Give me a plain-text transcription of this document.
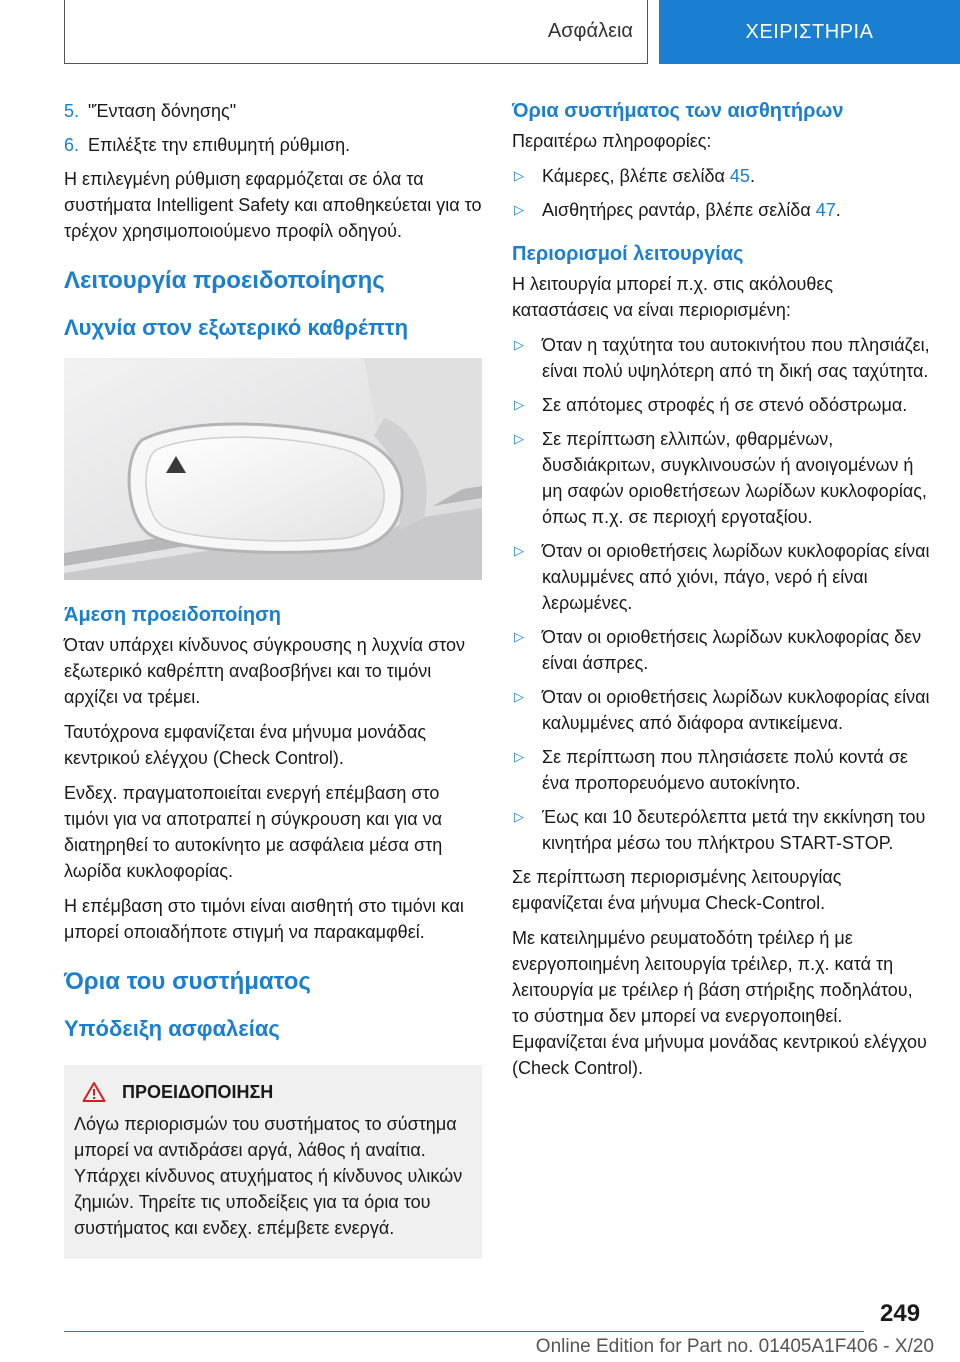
Ασφάλεια	ΧΕΙΡΙΣΤΗΡΙΑ
5. "Ένταση δόνησης"
6. Επιλέξτε την επιθυμητή ρύθμιση.

Η επιλεγμένη ρύθμιση εφαρμόζεται σε όλα τα συστήματα Intelligent Safety και αποθηκεύεται για το τρέχον χρησιμοποιούμενο προφίλ οδηγού.

Λειτουργία προειδοποίησης
Λυχνία στον εξωτερικό καθρέπτη
Άμεση προειδοποίηση

Όταν υπάρχει κίνδυνος σύγκρουσης η λυχνία στον εξωτερικό καθρέπτη αναβοσβήνει και το τιμόνι αρχίζει να τρέμει.

Ταυτόχρονα εμφανίζεται ένα μήνυμα μονάδας κεντρικού ελέγχου (Check Control).

Ενδεχ. πραγματοποιείται ενεργή επέμβαση στο τιμόνι για να αποτραπεί η σύγκρουση και για να διατηρηθεί το αυτοκίνητο με ασφάλεια μέσα στη λωρίδα κυκλοφορίας.

Η επέμβαση στο τιμόνι είναι αισθητή στο τιμόνι και μπορεί οποιαδήποτε στιγμή να παρακαμφθεί.

Όρια του συστήματος
Υπόδειξη ασφαλείας
ΠΡΟΕΙΔΟΠΟΙΗΣΗ

Λόγω περιορισμών του συστήματος το σύστημα μπορεί να αντιδράσει αργά, λάθος ή αναίτια. Υπάρχει κίνδυνος ατυχήματος ή κίνδυνος υλικών ζημιών. Τηρείτε τις υποδείξεις για τα όρια του συστήματος και ενδεχ. επέμβετε ενεργά.

Όρια συστήματος των αισθητήρων

Περαιτέρω πληροφορίες:

▷	Κάμερες, βλέπε σελίδα 45.
▷	Αισθητήρες ραντάρ, βλέπε σελίδα 47.
Περιορισμοί λειτουργίας

Η λειτουργία μπορεί π.χ. στις ακόλουθες καταστάσεις να είναι περιορισμένη:

▷	Όταν η ταχύτητα του αυτοκινήτου που πλησιάζει, είναι πολύ υψηλότερη από τη δική σας ταχύτητα.
▷	Σε απότομες στροφές ή σε στενό οδόστρωμα.
▷	Σε περίπτωση ελλιπών, φθαρμένων, δυσδιάκριτων, συγκλινουσών ή ανοιγομένων ή μη σαφών οριοθετήσεων λωρίδων κυκλοφορίας, όπως π.χ. σε περιοχή εργοταξίου.
▷	Όταν οι οριοθετήσεις λωρίδων κυκλοφορίας είναι καλυμμένες από χιόνι, πάγο, νερό ή είναι λερωμένες.
▷	Όταν οι οριοθετήσεις λωρίδων κυκλοφορίας δεν είναι άσπρες.
▷	Όταν οι οριοθετήσεις λωρίδων κυκλοφορίας είναι καλυμμένες από διάφορα αντικείμενα.
▷	Σε περίπτωση που πλησιάσετε πολύ κοντά σε ένα προπορευόμενο αυτοκίνητο.
▷	Έως και 10 δευτερόλεπτα μετά την εκκίνηση του κινητήρα μέσω του πλήκτρου START-STOP.

Σε περίπτωση περιορισμένης λειτουργίας εμφανίζεται ένα μήνυμα Check-Control.

Με κατειλημμένο ρευματοδότη τρέιλερ ή με ενεργοποιημένη λειτουργία τρέιλερ, π.χ. κατά τη λειτουργία με τρέιλερ ή βάση στήριξης ποδηλάτου, το σύστημα δεν μπορεί να ενεργοποιηθεί. Εμφανίζεται ένα μήνυμα μονάδας κεντρικού ελέγχου (Check Control).

249
Online Edition for Part no. 01405A1F406 - X/20
